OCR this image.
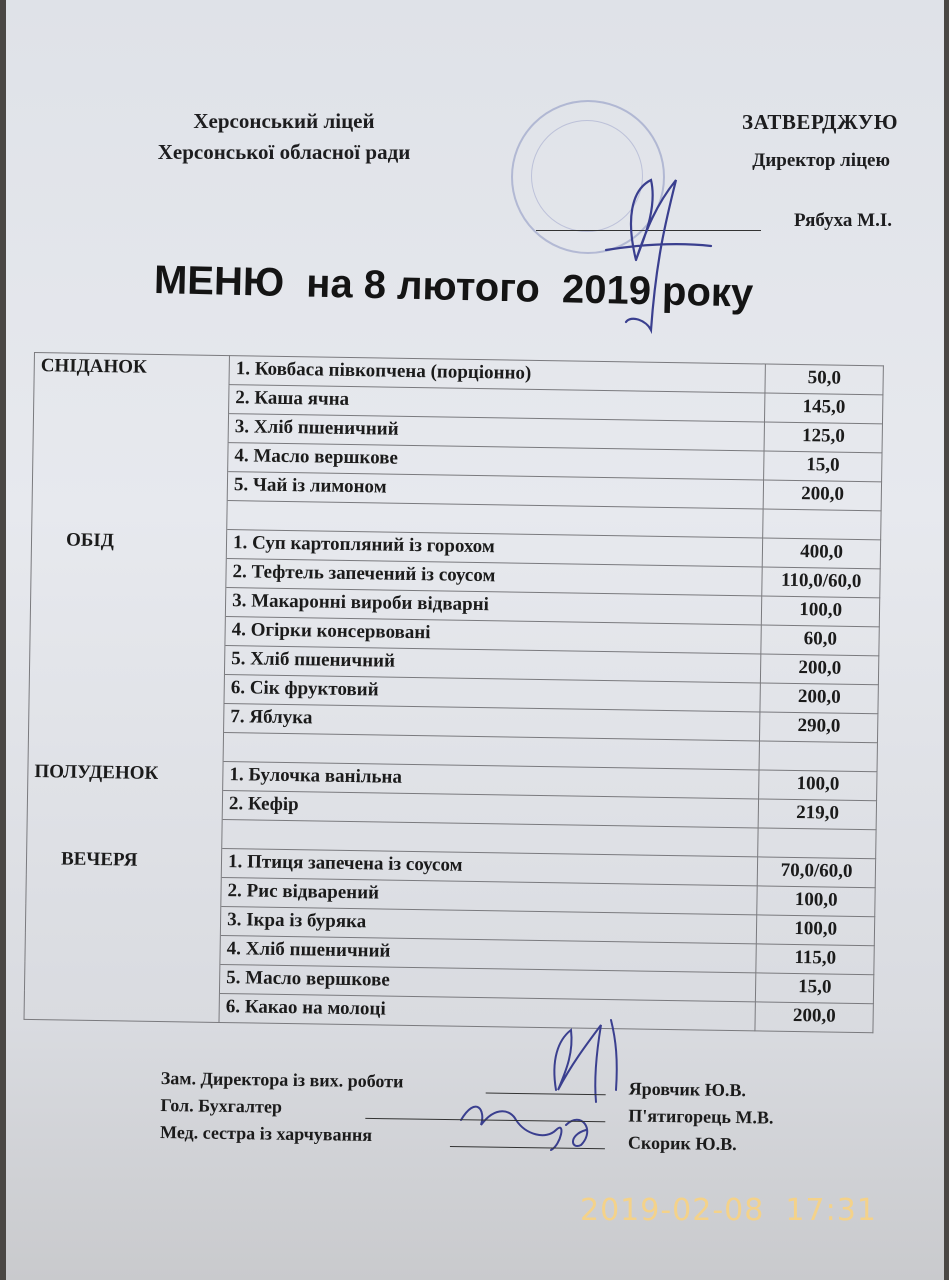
Херсонський ліцей
Херсонської обласної ради
ЗАТВЕРДЖУЮ
Директор ліцею
Рябуха М.І.
МЕНЮ  на 8 лютого  2019 року
СНІДАНОК	1. Ковбаса півкопчена (порціонно)	50,0
	2. Каша ячна	145,0
	3. Хліб пшеничний	125,0
	4. Масло вершкове	15,0
	5. Чай із лимоном	200,0

ОБІД	1. Суп картопляний із горохом	400,0
	2. Тефтель запечений із соусом	110,0/60,0
	3. Макаронні вироби відварні	100,0
	4. Огірки консервовані	60,0
	5. Хліб пшеничний	200,0
	6. Сік фруктовий	200,0
	7. Яблука	290,0

ПОЛУДЕНОК	1. Булочка ванільна	100,0
	2. Кефір	219,0

ВЕЧЕРЯ	1. Птиця запечена із соусом	70,0/60,0
	2. Рис відварений	100,0
	3. Ікра із буряка	100,0
	4. Хліб пшеничний	115,0
	5. Масло вершкове	15,0
	6. Какао на молоці	200,0
Зам. Директора із вих. роботи	Яровчик Ю.В.
Гол. Бухгалтер	П'ятигорець М.В.
Мед. сестра із харчування	Скорик Ю.В.
2019-02-08  17:31
